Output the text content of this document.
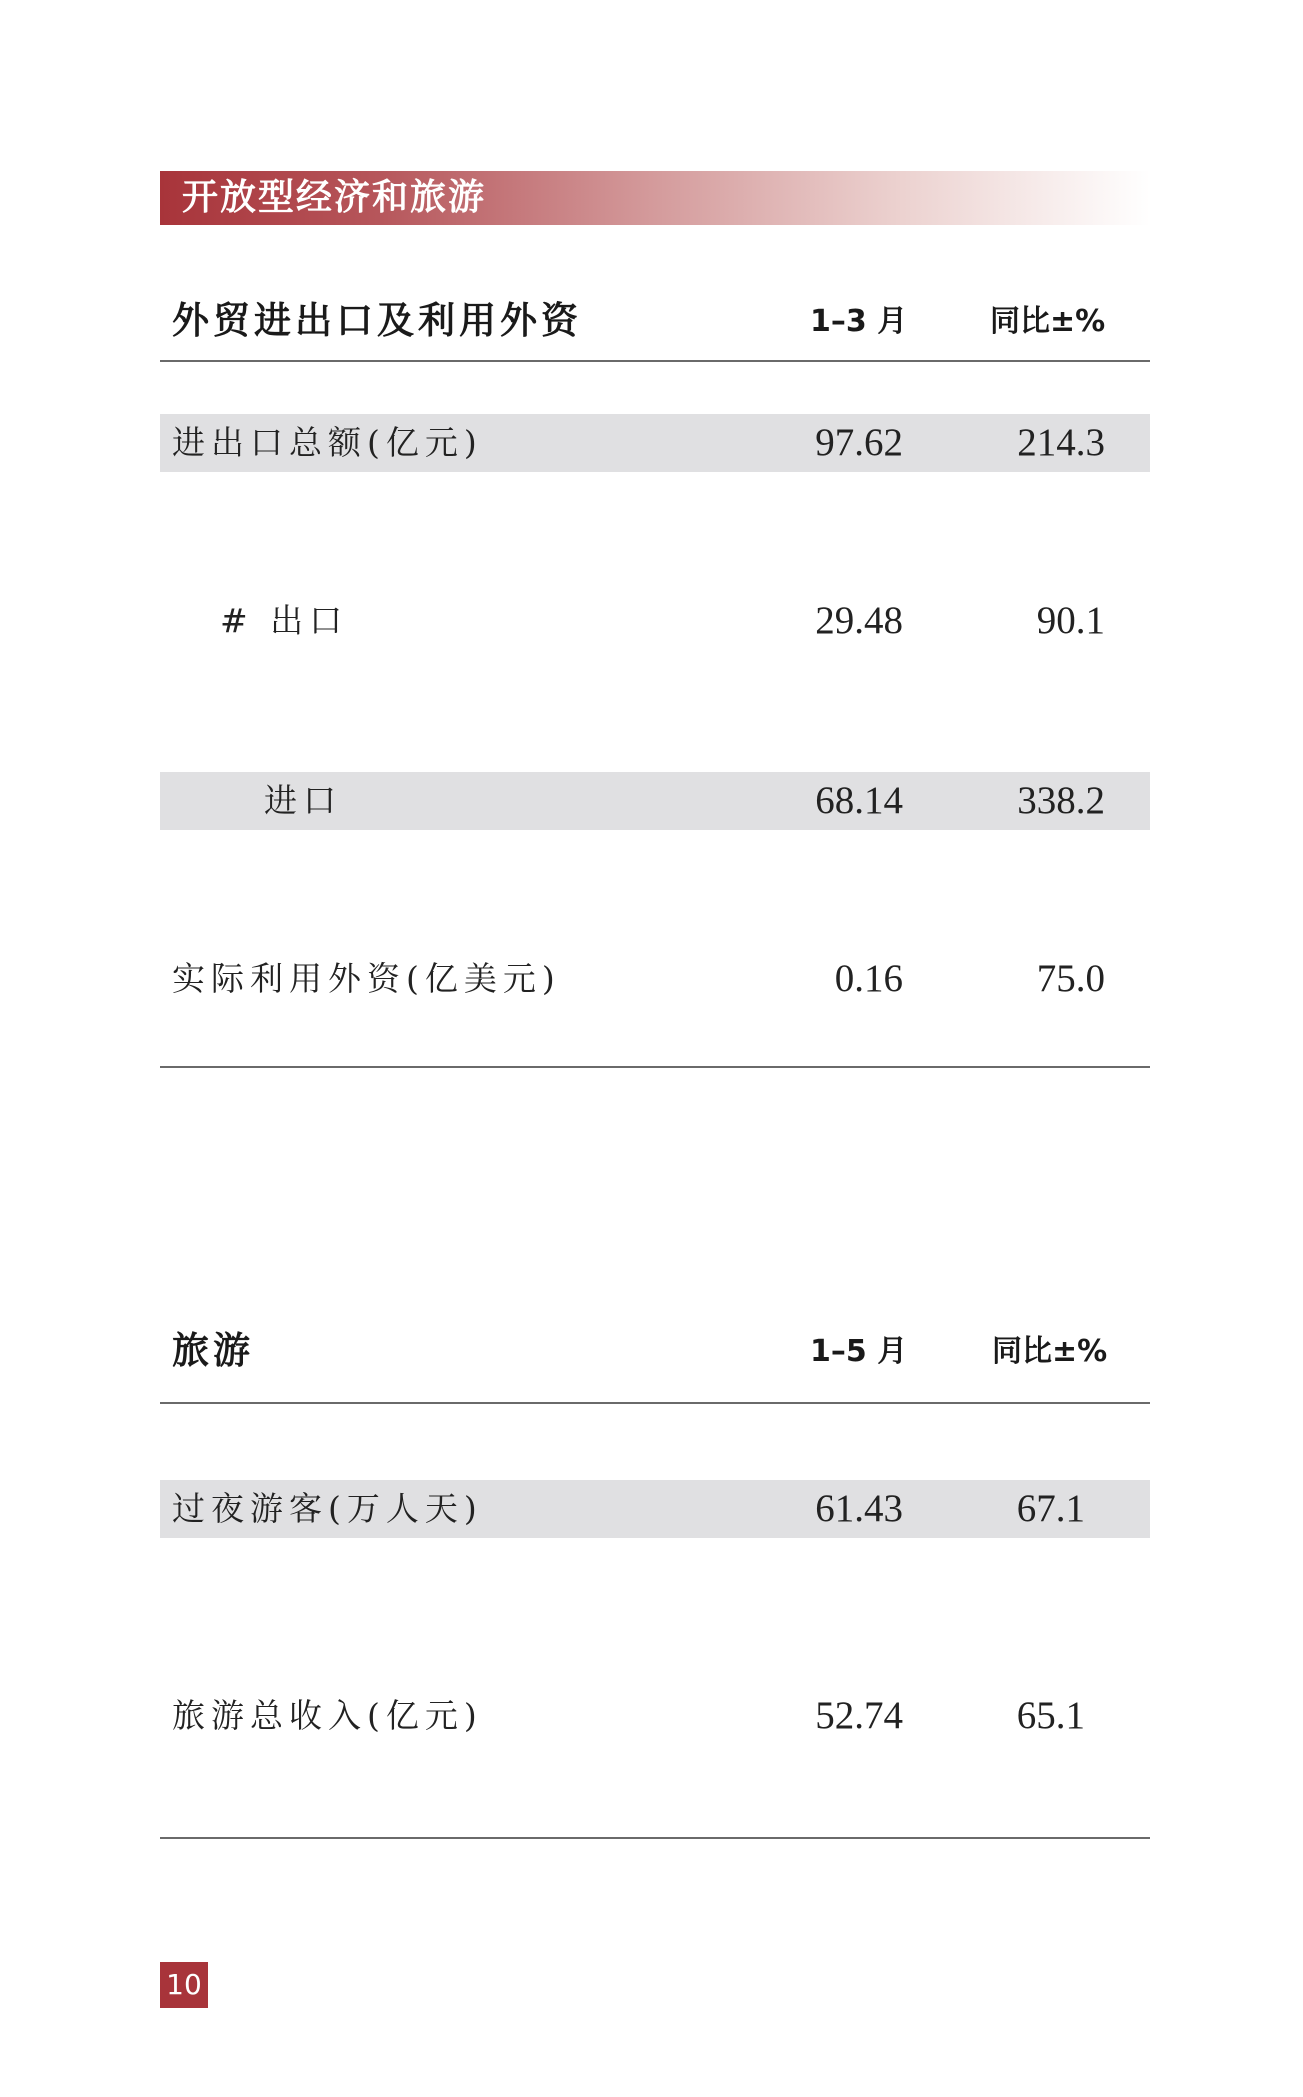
开放型经济和旅游
外贸进出口及利用外资	1–3 月	同比±%
进出口总额(亿元)	97.62	214.3
# 出口	29.48	90.1
进口	68.14	338.2
实际利用外资(亿美元)	0.16	75.0
旅游	1–5 月	同比±%
过夜游客(万人天)	61.43	67.1
旅游总收入(亿元)	52.74	65.1
10
